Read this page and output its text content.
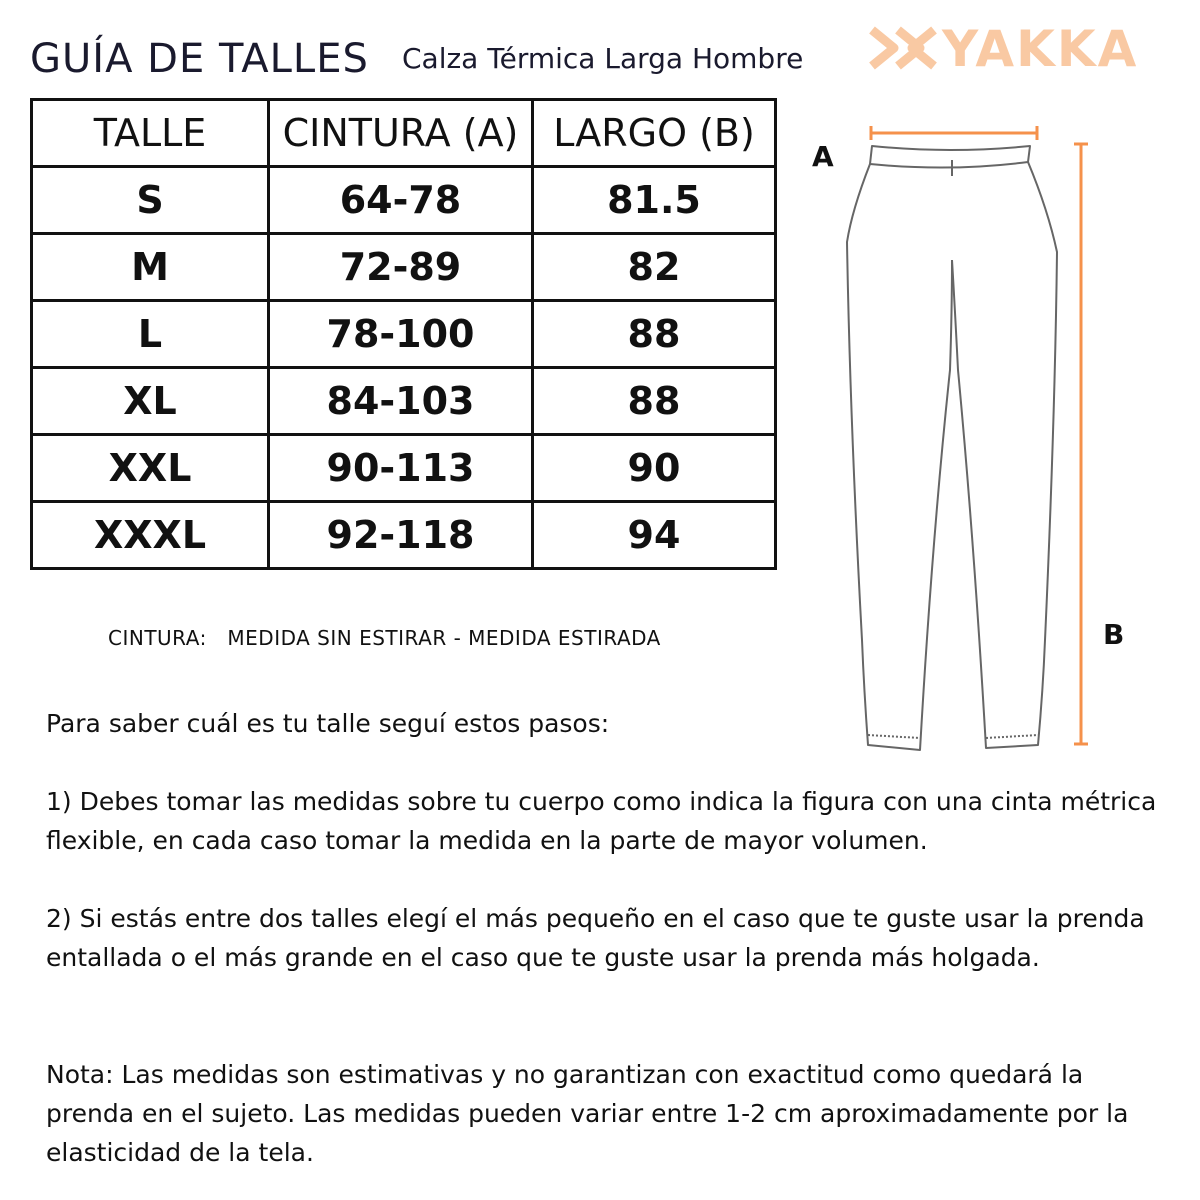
GUÍA DE TALLES Calza Térmica Larga Hombre	YAKKA
TALLE	CINTURA (A)	LARGO (B)
S	64-78	81.5
M	72-89	82
L	78-100	88
XL	84-103	88
XXL	90-113	90
XXXL	92-118	94
CINTURA:   MEDIDA SIN ESTIRAR - MEDIDA ESTIRADA
A
B
Para saber cuál es tu talle seguí estos pasos:
1) Debes tomar las medidas sobre tu cuerpo como indica la figura con una cinta métrica flexible, en cada caso tomar la medida en la parte de mayor volumen.
2) Si estás entre dos talles elegí el más pequeño en el caso que te guste usar la prenda entallada o el más grande en el caso que te guste usar la prenda más holgada.
Nota: Las medidas son estimativas y no garantizan con exactitud como quedará la prenda en el sujeto. Las medidas pueden variar entre 1-2 cm aproximadamente por la elasticidad de la tela.
